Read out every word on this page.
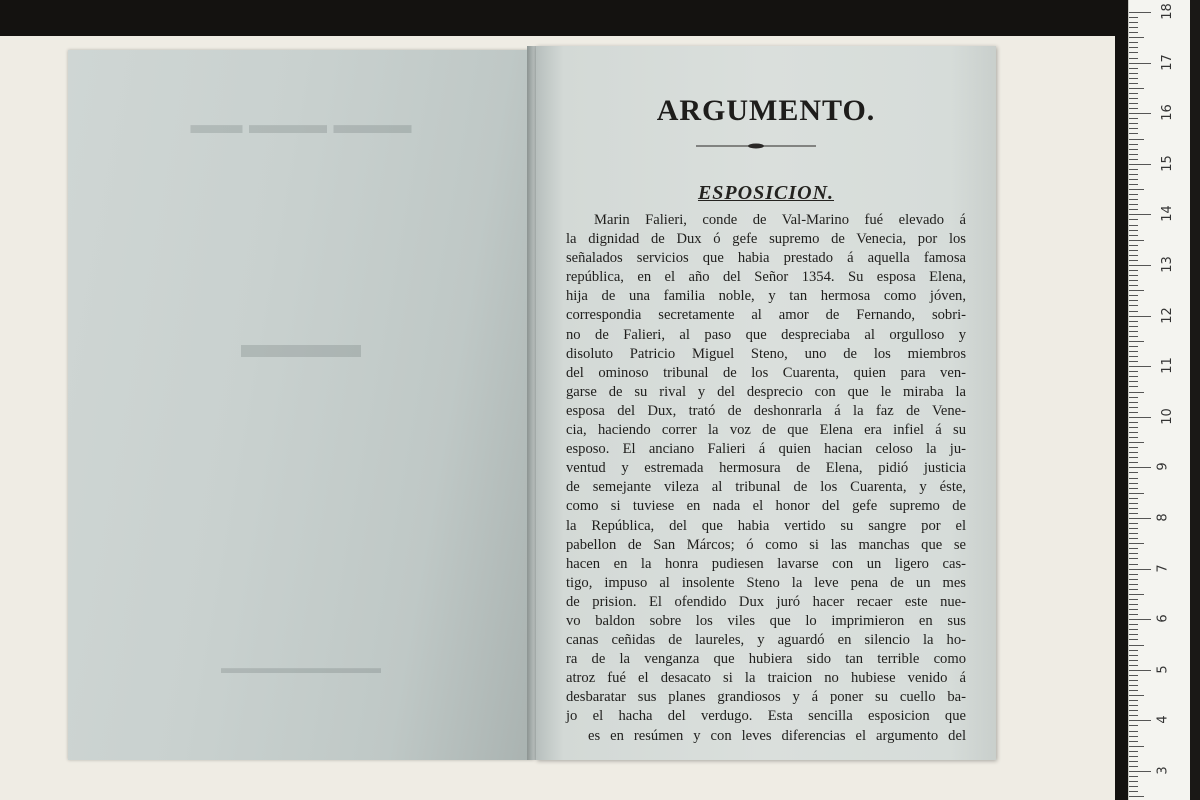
▬▬▬ ▬▬▬ ▬▬
▬▬▬
▬▬▬▬▬▬▬▬▬▬
ARGUMENTO.
ESPOSICION.
Marin Falieri, conde de Val-Marino fué elevado á
la dignidad de Dux ó gefe supremo de Venecia, por los
señalados servicios que habia prestado á aquella famosa
república, en el año del Señor 1354. Su esposa Elena,
hija de una familia noble, y tan hermosa como jóven,
correspondia secretamente al amor de Fernando, sobri-
no de Falieri, al paso que despreciaba al orgulloso y
disoluto Patricio Miguel Steno, uno de los miembros
del ominoso tribunal de los Cuarenta, quien para ven-
garse de su rival y del desprecio con que le miraba la
esposa del Dux, trató de deshonrarla á la faz de Vene-
cia, haciendo correr la voz de que Elena era infiel á su
esposo. El anciano Falieri á quien hacian celoso la ju-
ventud y estremada hermosura de Elena, pidió justicia
de semejante vileza al tribunal de los Cuarenta, y éste,
como si tuviese en nada el honor del gefe supremo de
la República, del que habia vertido su sangre por el
pabellon de San Márcos; ó como si las manchas que se
hacen en la honra pudiesen lavarse con un ligero cas-
tigo, impuso al insolente Steno la leve pena de un mes
de prision. El ofendido Dux juró hacer recaer este nue-
vo baldon sobre los viles que lo imprimieron en sus
canas ceñidas de laureles, y aguardó en silencio la ho-
ra de la venganza que hubiera sido tan terrible como
atroz fué el desacato si la traicion no hubiese venido á
desbaratar sus planes grandiosos y á poner su cuello ba-
jo el hacha del verdugo. Esta sencilla esposicion que
es en resúmen y con leves diferencias el argumento del
18
17
16
15
14
13
12
11
10
9
8
7
6
5
4
3
